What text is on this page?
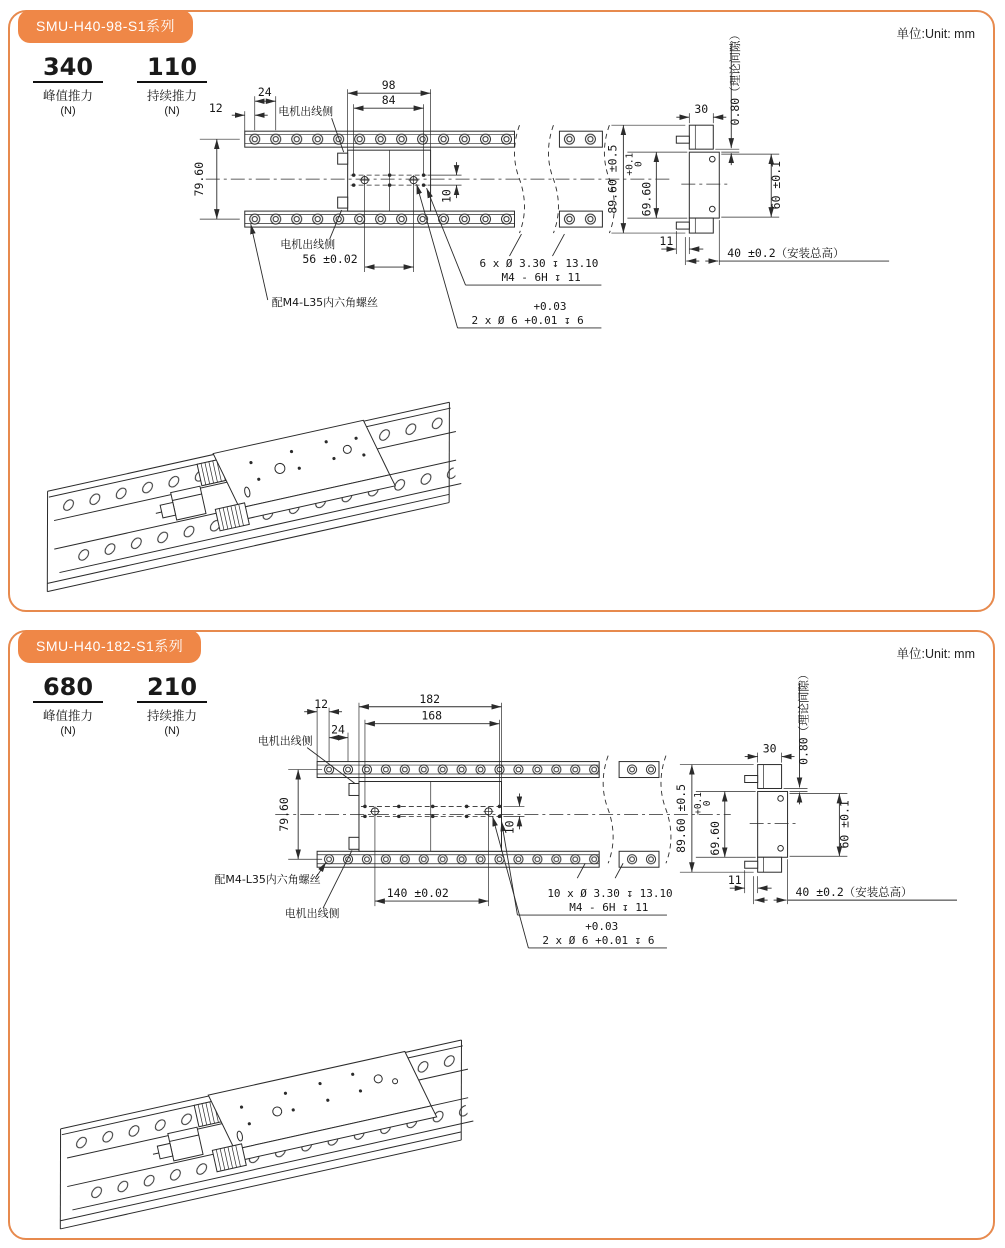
98
84
24
12	电机出线侧
79.60	10
56 ±0.02
电机出线侧
配M4-L35内六角螺丝
6 x Ø 3.30 ↧ 13.10
M4 - 6H ↧ 11
+0.03
2 x Ø 6 +0.01 ↧ 6
30 0.80（理论间隙）
89.60 ±0.5 69.60
+0.1
0	60 ±0.1
11
40 ±0.2（安装总高）
SMU-H40-98-S1系列	单位:Unit: mm
340
峰值推力
(N)
110
持续推力
(N)
182
168
12
24
电机出线侧
79.60	10
140 ±0.02
配M4-L35内六角螺丝
电机出线侧
10 x Ø 3.30 ↧ 13.10
M4 - 6H ↧ 11
+0.03
2 x Ø 6 +0.01 ↧ 6
30 0.80（理论间隙）
89.60 ±0.5 69.60
+0.1
0	60 ±0.1
11
40 ±0.2（安装总高）
SMU-H40-182-S1系列	单位:Unit: mm
680
峰值推力
(N)
210
持续推力
(N)
